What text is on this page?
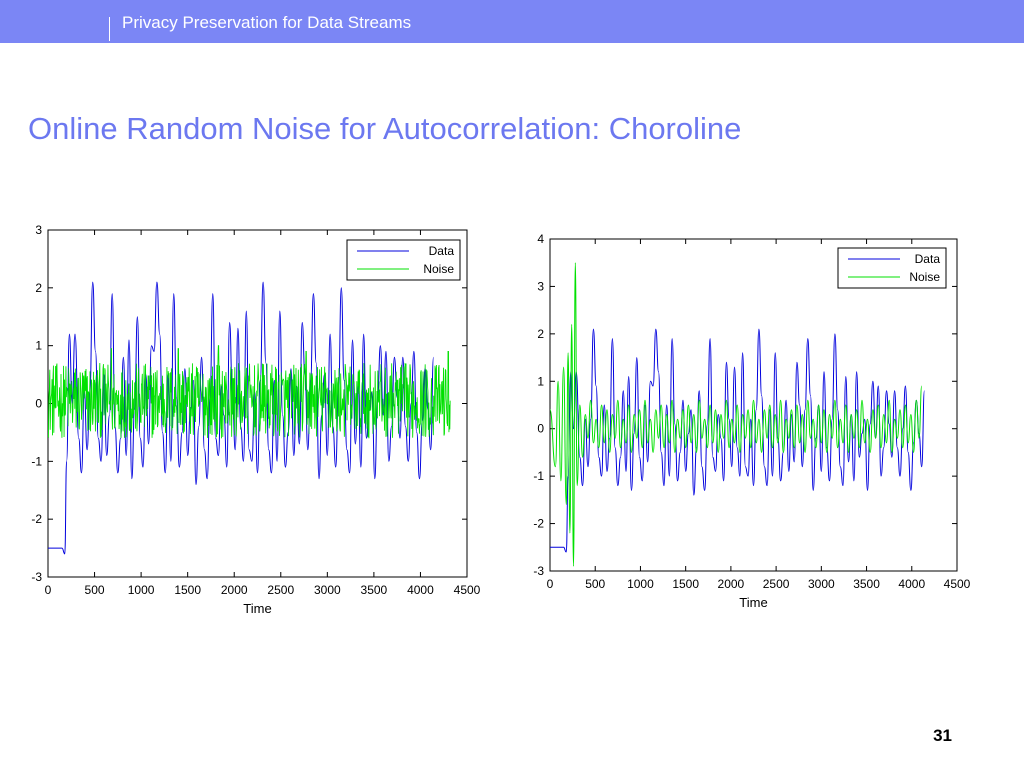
Privacy Preservation for Data Streams
Online Random Noise for Autocorrelation: Choroline
0	500 1000 1500 2000 2500 3000 3500 4000 4500
-3
-2
-1
0
1
2
3
Time
Data
Noise
0	500 1000 1500 2000 2500 3000 3500 4000 4500
-3
-2
-1
0
1
2
3
4
Time
Data
Noise
31
